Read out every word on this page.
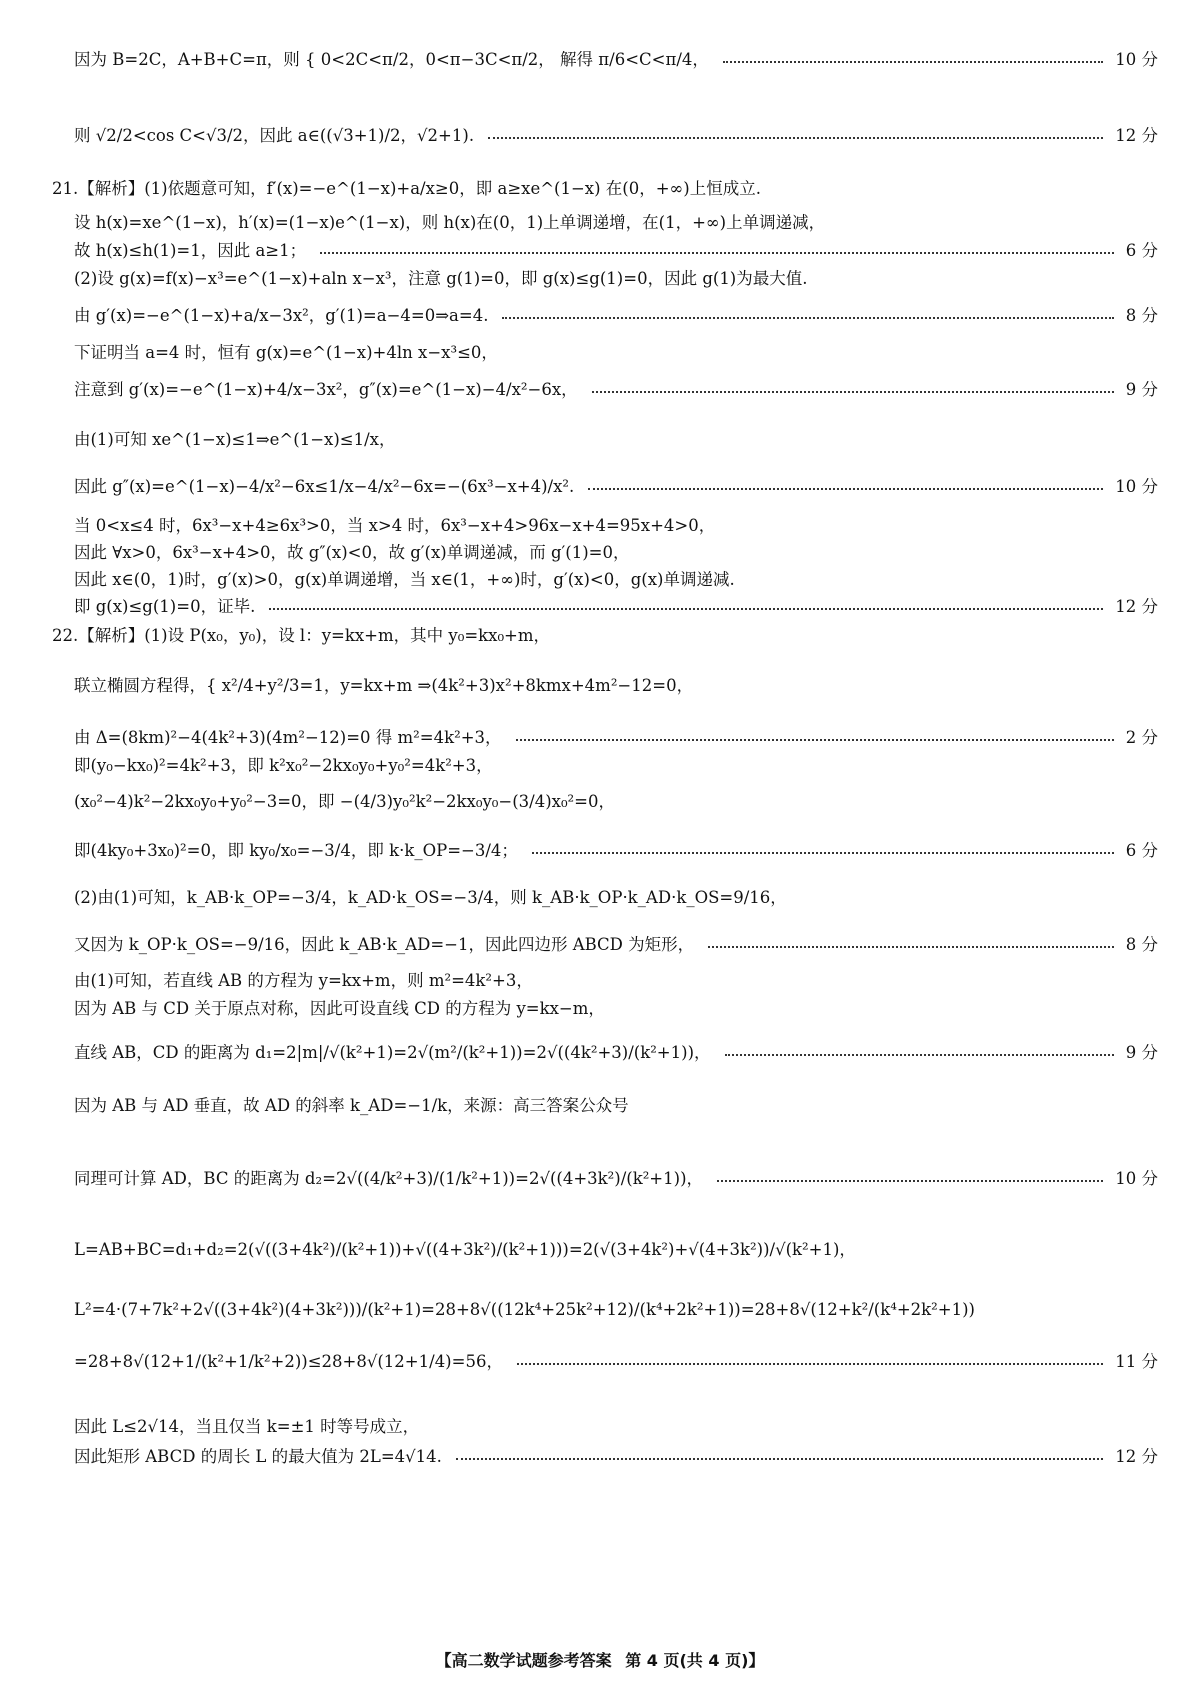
因为 B=2C，A+B+C=π，则 { 0<2C<π/2，0<π−3C<π/2， 解得 π/6<C<π/4，	10 分
则 √2/2<cos C<√3/2，因此 a∈((√3+1)/2，√2+1).	12 分
21.【解析】(1)依题意可知，f′(x)=−e^(1−x)+a/x≥0，即 a≥xe^(1−x) 在(0，+∞)上恒成立.
设 h(x)=xe^(1−x)，h′(x)=(1−x)e^(1−x)，则 h(x)在(0，1)上单调递增，在(1，+∞)上单调递减，
故 h(x)≤h(1)=1，因此 a≥1；	6 分
(2)设 g(x)=f(x)−x³=e^(1−x)+aln x−x³，注意 g(1)=0，即 g(x)≤g(1)=0，因此 g(1)为最大值.
由 g′(x)=−e^(1−x)+a/x−3x²，g′(1)=a−4=0⇒a=4.	8 分
下证明当 a=4 时，恒有 g(x)=e^(1−x)+4ln x−x³≤0，
注意到 g′(x)=−e^(1−x)+4/x−3x²，g″(x)=e^(1−x)−4/x²−6x，	9 分
由(1)可知 xe^(1−x)≤1⇒e^(1−x)≤1/x，
因此 g″(x)=e^(1−x)−4/x²−6x≤1/x−4/x²−6x=−(6x³−x+4)/x².	10 分
当 0<x≤4 时，6x³−x+4≥6x³>0，当 x>4 时，6x³−x+4>96x−x+4=95x+4>0，
因此 ∀x>0，6x³−x+4>0，故 g″(x)<0，故 g′(x)单调递减，而 g′(1)=0，
因此 x∈(0，1)时，g′(x)>0，g(x)单调递增，当 x∈(1，+∞)时，g′(x)<0，g(x)单调递减.
即 g(x)≤g(1)=0，证毕.	12 分
22.【解析】(1)设 P(x₀，y₀)，设 l：y=kx+m，其中 y₀=kx₀+m，
联立椭圆方程得，{ x²/4+y²/3=1，y=kx+m ⇒(4k²+3)x²+8kmx+4m²−12=0，
由 Δ=(8km)²−4(4k²+3)(4m²−12)=0 得 m²=4k²+3，	2 分
即(y₀−kx₀)²=4k²+3，即 k²x₀²−2kx₀y₀+y₀²=4k²+3，
(x₀²−4)k²−2kx₀y₀+y₀²−3=0，即 −(4/3)y₀²k²−2kx₀y₀−(3/4)x₀²=0，
即(4ky₀+3x₀)²=0，即 ky₀/x₀=−3/4，即 k·k_OP=−3/4；	6 分
(2)由(1)可知，k_AB·k_OP=−3/4，k_AD·k_OS=−3/4，则 k_AB·k_OP·k_AD·k_OS=9/16，
又因为 k_OP·k_OS=−9/16，因此 k_AB·k_AD=−1，因此四边形 ABCD 为矩形，	8 分
由(1)可知，若直线 AB 的方程为 y=kx+m，则 m²=4k²+3，
因为 AB 与 CD 关于原点对称，因此可设直线 CD 的方程为 y=kx−m，
直线 AB，CD 的距离为 d₁=2|m|/√(k²+1)=2√(m²/(k²+1))=2√((4k²+3)/(k²+1))，	9 分
因为 AB 与 AD 垂直，故 AD 的斜率 k_AD=−1/k，来源：高三答案公众号
同理可计算 AD，BC 的距离为 d₂=2√((4/k²+3)/(1/k²+1))=2√((4+3k²)/(k²+1))，	10 分
L=AB+BC=d₁+d₂=2(√((3+4k²)/(k²+1))+√((4+3k²)/(k²+1)))=2(√(3+4k²)+√(4+3k²))/√(k²+1)，
L²=4·(7+7k²+2√((3+4k²)(4+3k²)))/(k²+1)=28+8√((12k⁴+25k²+12)/(k⁴+2k²+1))=28+8√(12+k²/(k⁴+2k²+1))
=28+8√(12+1/(k²+1/k²+2))≤28+8√(12+1/4)=56，	11 分
因此 L≤2√14，当且仅当 k=±1 时等号成立，
因此矩形 ABCD 的周长 L 的最大值为 2L=4√14.	12 分
【高二数学试题参考答案 第 4 页(共 4 页)】
